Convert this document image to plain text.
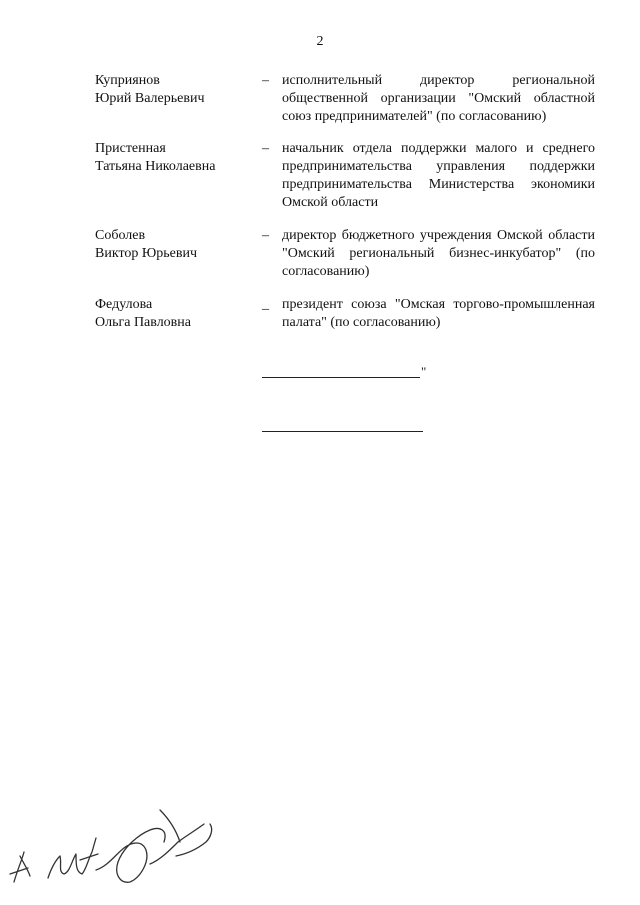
2
Куприянов
Юрий Валерьевич
– исполнительный директор региональной общественной организации "Омский областной союз предпринимателей" (по согласованию)
Пристенная
Татьяна Николаевна
– начальник отдела поддержки малого и среднего предпринимательства управления поддержки предпринимательства Министерства экономики Омской области
Соболев
Виктор Юрьевич
– директор бюджетного учреждения Омской области "Омский региональный бизнес-инкубатор" (по согласованию)
Федулова
Ольга Павловна
_ президент союза "Омская торгово-промышленная палата" (по согласованию)
"
